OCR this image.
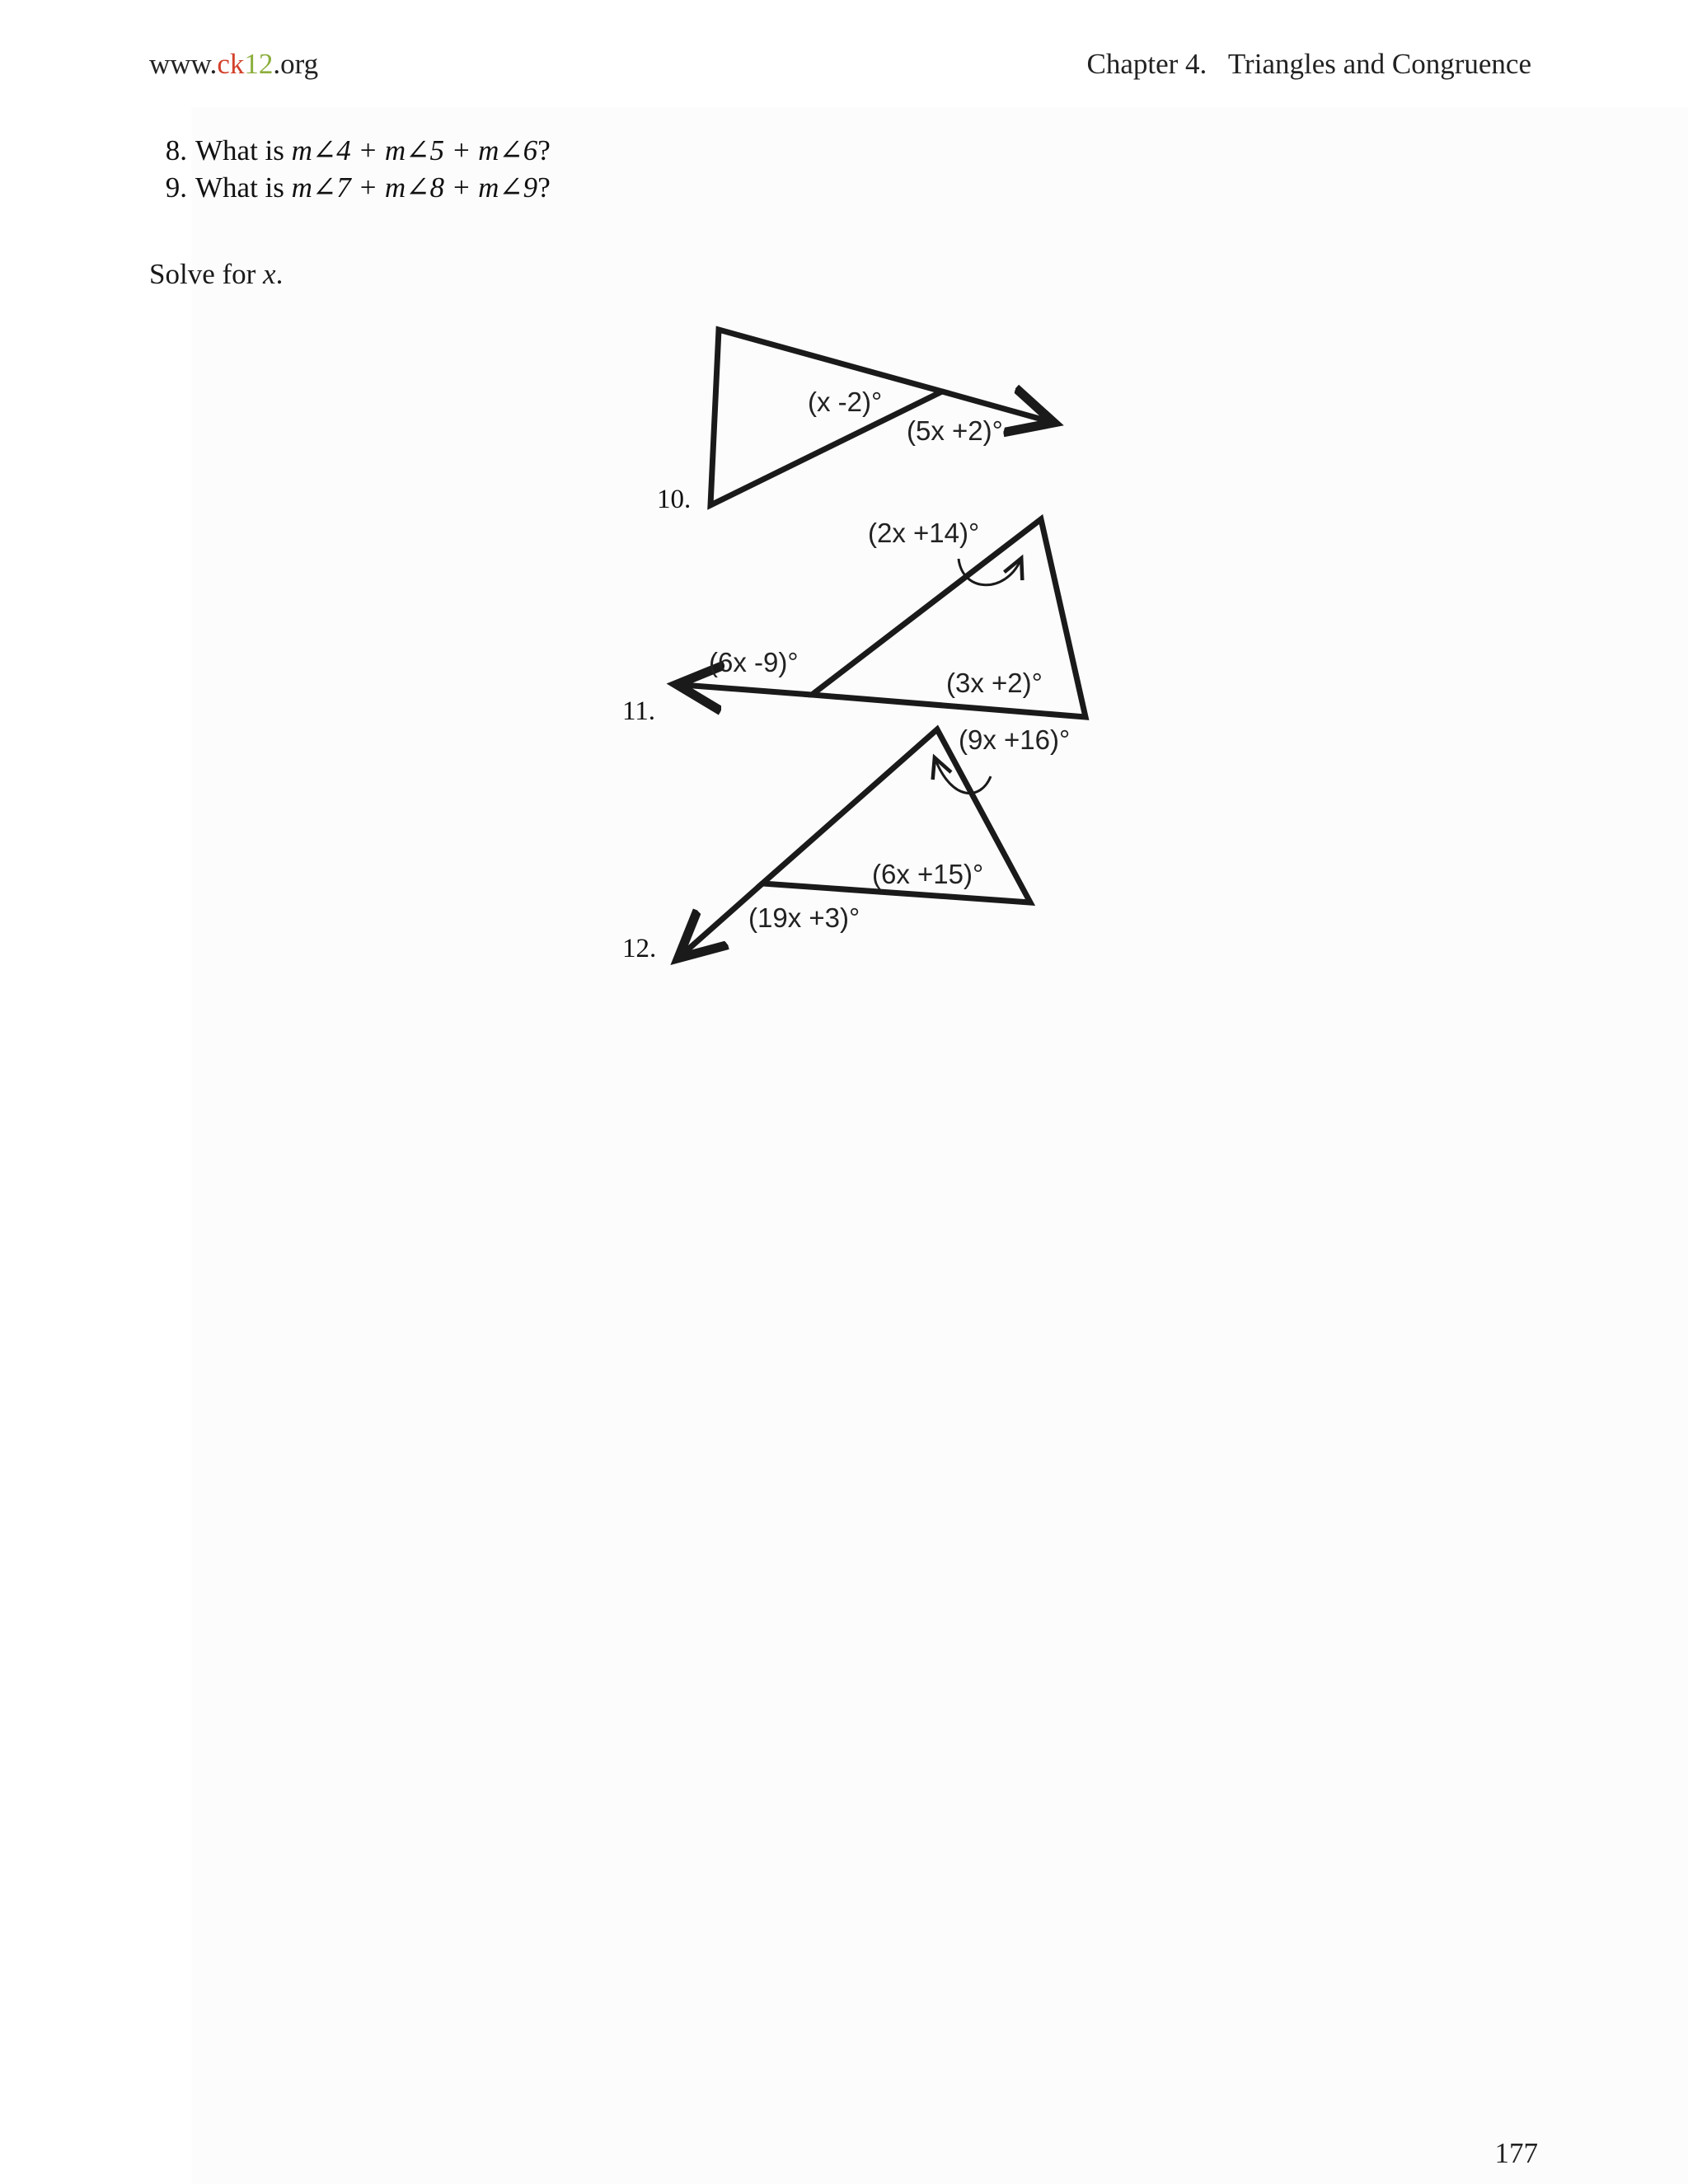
www.ck12.org	Chapter 4.   Triangles and Congruence
8. What is m∠4 + m∠5 + m∠6?
9. What is m∠7 + m∠8 + m∠9?
Solve for x.
10.
11.
12.
(x -2)°
(5x +2)°
(2x +14)°
(6x -9)°
(3x +2)°
(9x +16)°
(6x +15)°
(19x +3)°
177
